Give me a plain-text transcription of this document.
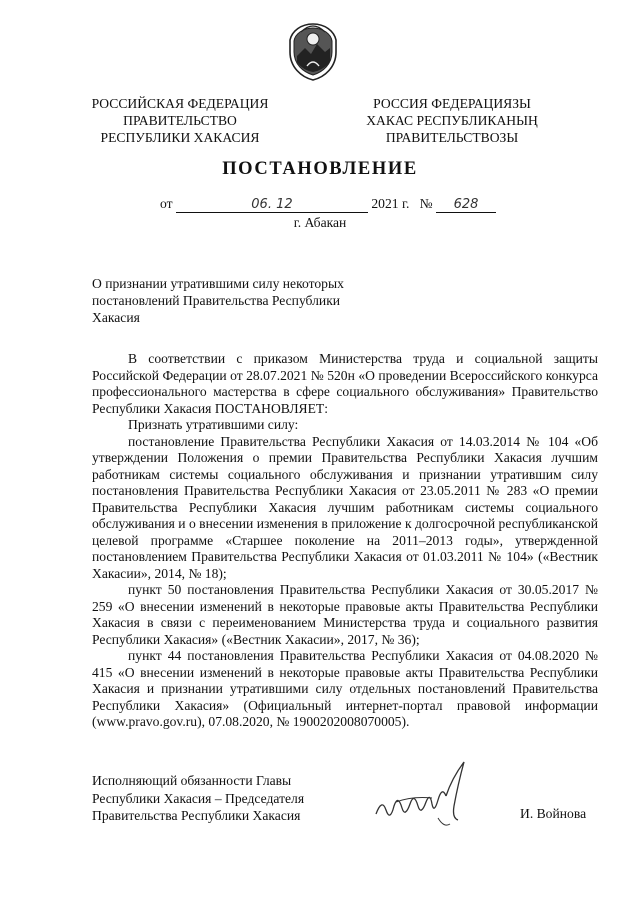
РОССИЙСКАЯ ФЕДЕРАЦИЯ
ПРАВИТЕЛЬСТВО
РЕСПУБЛИКИ ХАКАСИЯ
РОССИЯ ФЕДЕРАЦИЯЗЫ
ХАКАС РЕСПУБЛИКАНЫҢ
ПРАВИТЕЛЬСТВОЗЫ
ПОСТАНОВЛЕНИЕ
от	06. 12	2021 г. № 628
г. Абакан
О признании утратившими силу некоторых
постановлений Правительства Республики
Хакасия

В соответствии с приказом Министерства труда и социальной защиты Российской Федерации от 28.07.2021 № 520н «О проведении Всероссийского конкурса профессионального мастерства в сфере социального обслуживания» Правительство Республики Хакасия ПОСТАНОВЛЯЕТ:

Признать утратившими силу:

постановление Правительства Республики Хакасия от 14.03.2014 № 104 «Об утверждении Положения о премии Правительства Республики Хакасия лучшим работникам системы социального обслуживания и признании утратившим силу постановления Правительства Республики Хакасия от 23.05.2011 № 283 «О премии Правительства Республики Хакасия лучшим работникам системы социального обслуживания и о внесении изменения в приложение к долгосрочной республиканской целевой программе «Старшее поколение на 2011–2013 годы», утвержденной постановлением Правительства Республики Хакасия от 01.03.2011 № 104» («Вестник Хакасии», 2014, № 18);

пункт 50 постановления Правительства Республики Хакасия от 30.05.2017 № 259 «О внесении изменений в некоторые правовые акты Правительства Республики Хакасия в связи с переименованием Министерства труда и социального развития Республики Хакасия» («Вестник Хакасии», 2017, № 36);

пункт 44 постановления Правительства Республики Хакасия от 04.08.2020 № 415 «О внесении изменений в некоторые правовые акты Правительства Республики Хакасия и признании утратившими силу отдельных постановлений Правительства Республики Хакасия» (Официальный интернет-портал правовой информации (www.pravo.gov.ru), 07.08.2020, № 1900202008070005).

Исполняющий обязанности Главы
Республики Хакасия – Председателя
Правительства Республики Хакасия	И. Войнова
